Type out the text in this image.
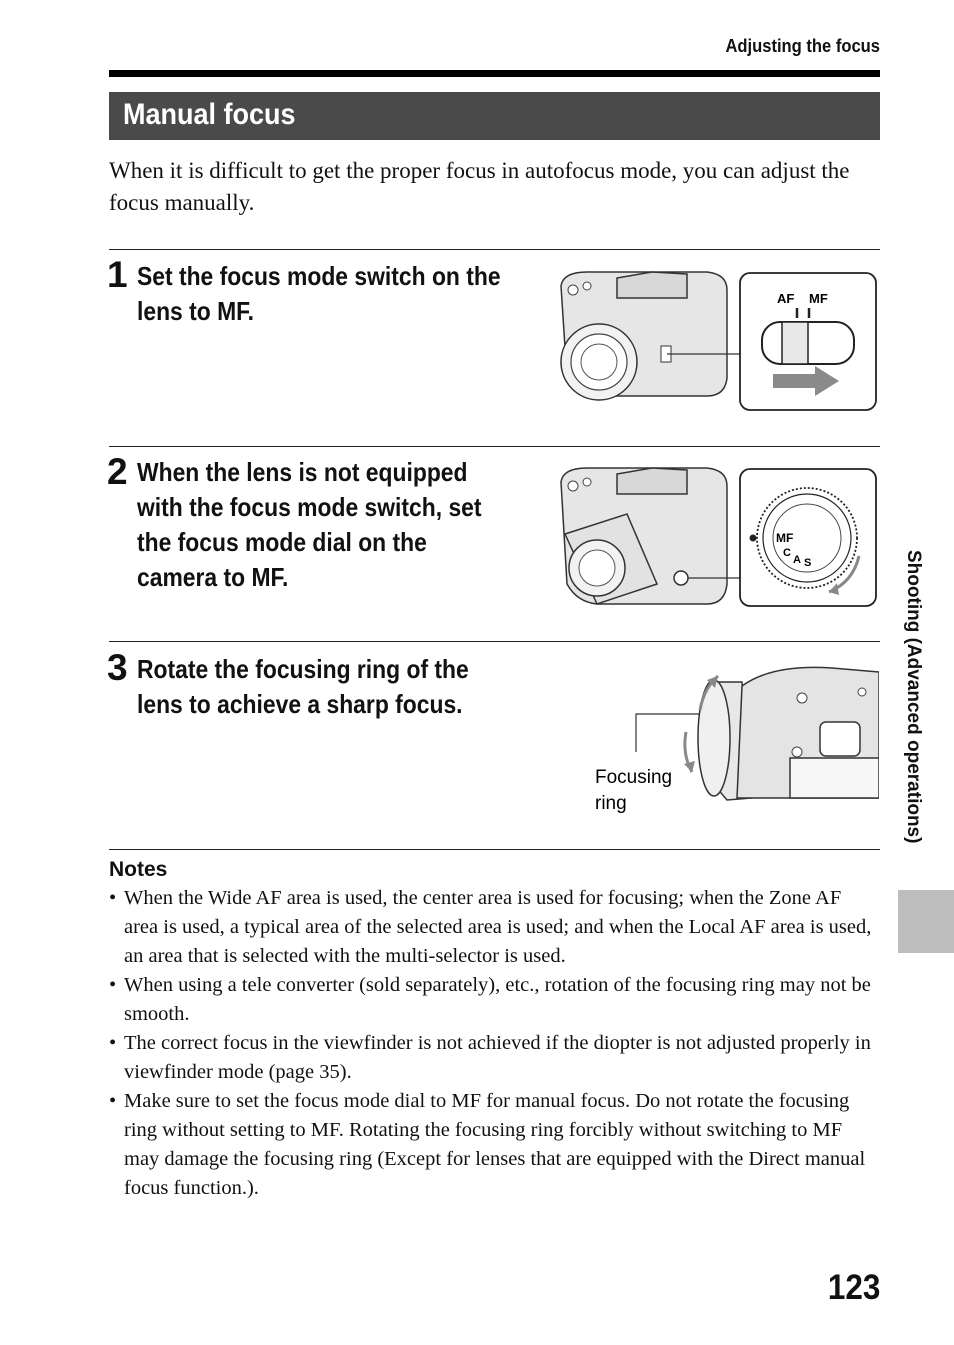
Adjusting the focus
Manual focus
When it is difficult to get the proper focus in autofocus mode, you can adjust the focus manually.
1 Set the focus mode switch on the
lens to MF.	AF MF
2 When the lens is not equipped
with the focus mode switch, set
the focus mode dial on the
camera to MF.
MF
C
A S
3 Rotate the focusing ring of the
lens to achieve a sharp focus.
Focusing
ring
Notes
• When the Wide AF area is used, the center area is used for focusing; when the Zone AF area is used, a typical area of the selected area is used; and when the Local AF area is used, an area that is selected with the multi-selector is used.
• When using a tele converter (sold separately), etc., rotation of the focusing ring may not be smooth.
• The correct focus in the viewfinder is not achieved if the diopter is not adjusted properly in viewfinder mode (page 35).
• Make sure to set the focus mode dial to MF for manual focus. Do not rotate the focusing ring without setting to MF. Rotating the focusing ring forcibly without switching to MF may damage the focusing ring (Except for lenses that are equipped with the Direct manual focus function.).
Shooting (Advanced operations)
123
